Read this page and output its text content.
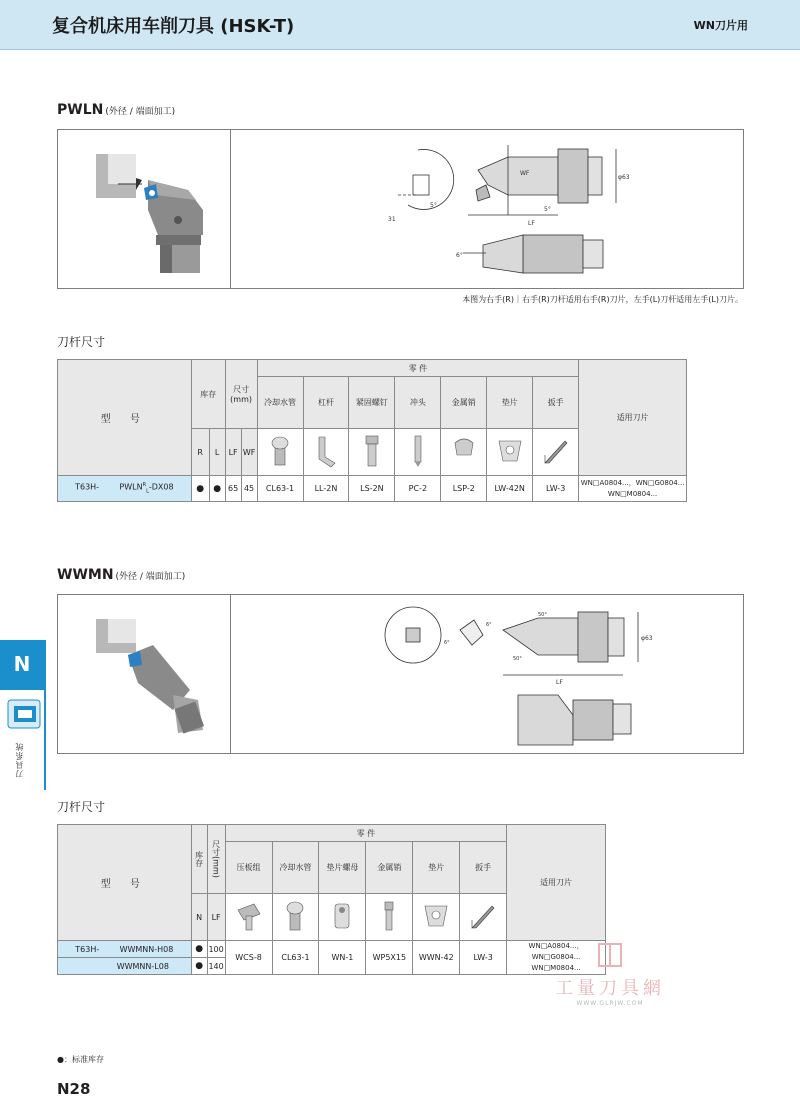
复合机床用车削刀具 (HSK-T)	WN刀片用
PWLN (外径 / 端面加工)
WF
LF
φ63
31
5°
5°
6°
本图为右手(R)｜右手(R)刀杆适用右手(R)刀片，左手(L)刀杆适用左手(L)刀片。
刀杆尺寸
型 号	库存		尺寸(mm)		零 件							适用刀片
					冷却水管	杠杆	紧固螺钉	冲头	金属销	垫片	扳手	
	R	L	LF	WF							
T63H- $PWLN^R_L-DX08$	●	●	65	45	CL63-1	LL-2N	LS-2N	PC-2	LSP-2	LW-42N	LW-3	WN□A0804...，WN□G0804...
WN□M0804...
WWMN (外径 / 端面加工)
LF
φ63
50°
50°
6°
6°
刀杆尺寸
型 号	库存	尺寸(mm)	零 件						适用刀片
			压板组	冷却水管	垫片螺母	金属销	垫片	扳手	
	N	LF						
T63H- WWMNN-H08	●	100	WCS-8	CL63-1	WN-1	WP5X15	WWN-42	LW-3	WN□A0804...，WN□G0804...
WN□M0804...

WWMNN-L08	●	140							
工量刀具網
WWW.GLRJW.COM
N
刀具系统
●：标准库存
N28
